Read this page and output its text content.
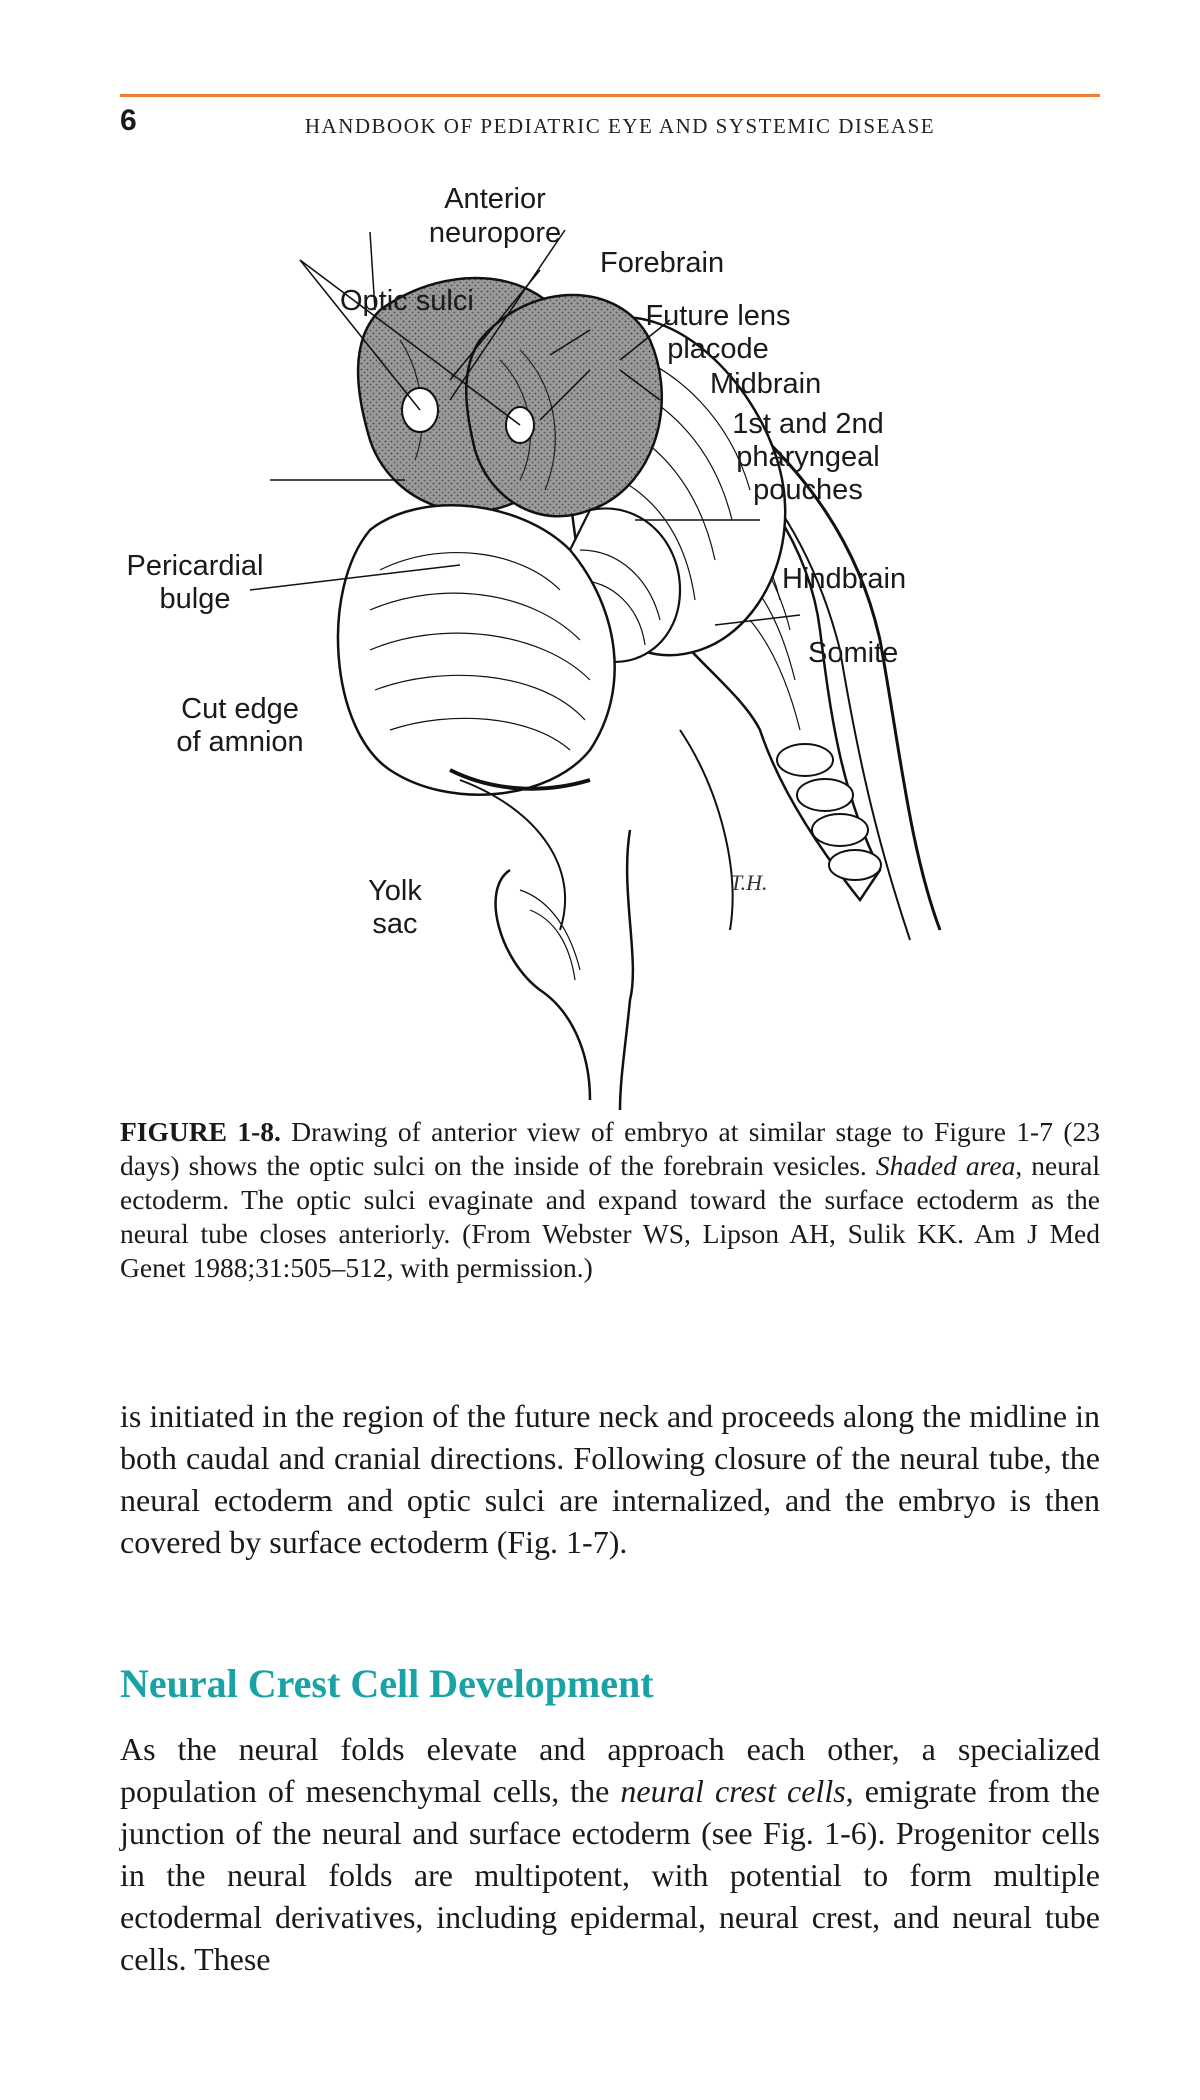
6	HANDBOOK OF PEDIATRIC EYE AND SYSTEMIC DISEASE
Anterior
neuropore
Forebrain
Optic sulci	Future lens
placode
Midbrain
1st and 2nd
pharyngeal
pouches
Pericardial
bulge
Hindbrain
Somite
Cut edge
of amnion
Yolk
sac
T.H.
FIGURE 1-8. Drawing of anterior view of embryo at similar stage to Figure 1-7 (23 days) shows the optic sulci on the inside of the forebrain vesicles. Shaded area, neural ectoderm. The optic sulci evaginate and expand toward the surface ectoderm as the neural tube closes anteriorly. (From Webster WS, Lipson AH, Sulik KK. Am J Med Genet 1988;31:505–512, with permission.)
is initiated in the region of the future neck and proceeds along the midline in both caudal and cranial directions. Following closure of the neural tube, the neural ectoderm and optic sulci are internalized, and the embryo is then covered by surface ectoderm (Fig. 1-7).
Neural Crest Cell Development
As the neural folds elevate and approach each other, a specialized population of mesenchymal cells, the neural crest cells, emigrate from the junction of the neural and surface ectoderm (see Fig. 1-6). Progenitor cells in the neural folds are multipotent, with potential to form multiple ectodermal derivatives, including epidermal, neural crest, and neural tube cells. These
